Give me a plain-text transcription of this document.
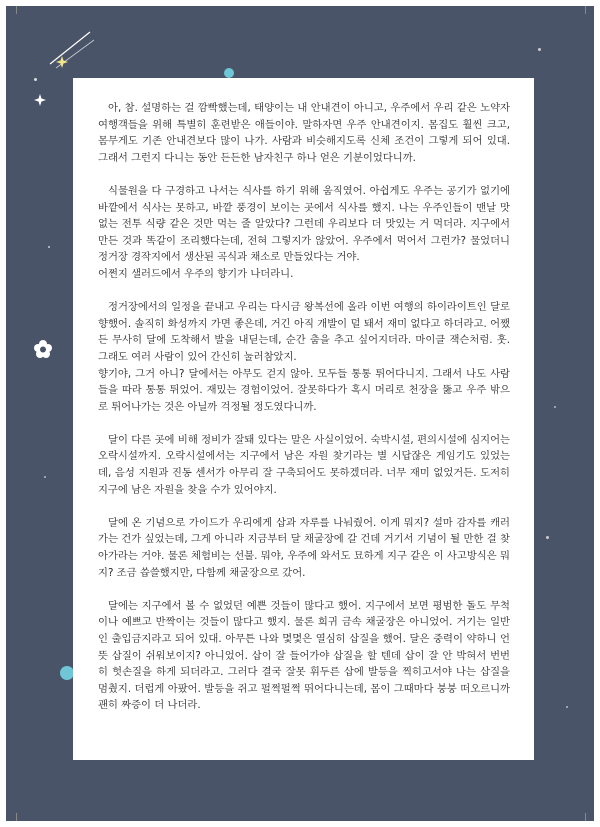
아, 참. 설명하는 걸 깜빡했는데, 태양이는 내 안내견이 아니고, 우주에서 우리 같은 노약자 여행객들을 위해 특별히 훈련받은 애들이야. 말하자면 우주 안내견이지. 몸집도 훨씬 크고, 몸무게도 기존 안내견보다 많이 나가. 사람과 비슷해지도록 신체 조건이 그렇게 되어 있대. 그래서 그런지 다니는 동안 든든한 남자친구 하나 얻은 기분이었다니까.

식물원을 다 구경하고 나서는 식사를 하기 위해 움직였어. 아쉽게도 우주는 공기가 없기에 바깥에서 식사는 못하고, 바깥 풍경이 보이는 곳에서 식사를 했지. 나는 우주인들이 맨날 맛없는 전투 식량 같은 것만 먹는 줄 알았다? 그런데 우리보다 더 맛있는 거 먹더라. 지구에서 만든 것과 똑같이 조리했다는데, 전혀 그렇지가 않았어. 우주에서 먹어서 그런가? 물었더니 정거장 경작지에서 생산된 곡식과 채소로 만들었다는 거야.
어쩐지 샐러드에서 우주의 향기가 나더라니.

정거장에서의 일정을 끝내고 우리는 다시금 왕복선에 올라 이번 여행의 하이라이트인 달로 향했어. 솔직히 화성까지 가면 좋은데, 거긴 아직 개발이 덜 돼서 재미 없다고 하더라고. 어쨌든 무사히 달에 도착해서 발을 내딛는데, 순간 춤을 추고 싶어지더라. 마이클 잭슨처럼. 훗. 그래도 여러 사람이 있어 간신히 눌러참았지.
향기야, 그거 아니? 달에서는 아무도 걷지 않아. 모두들 통통 튀어다니지. 그래서 나도 사람들을 따라 통통 튀었어. 재밌는 경험이었어. 잘못하다가 혹시 머리로 천장을 뚫고 우주 밖으로 튀어나가는 것은 아닐까 걱정될 정도였다니까.

달이 다른 곳에 비해 정비가 잘돼 있다는 말은 사실이었어. 숙박시설, 편의시설에 심지어는 오락시설까지. 오락시설에서는 지구에서 남은 자원 찾기라는 별 시답잖은 게임기도 있었는데, 음성 지원과 진동 센서가 아무리 잘 구축되어도 못하겠더라. 너무 재미 없었거든. 도저히 지구에 남은 자원을 찾을 수가 있어야지.

달에 온 기념으로 가이드가 우리에게 삽과 자루를 나눠줬어. 이게 뭐지? 설마 감자를 캐러 가는 건가 싶었는데, 그게 아니라 지금부터 달 채굴장에 갈 건데 거기서 기념이 될 만한 걸 찾아가라는 거야. 물론 체험비는 선불. 뭐야, 우주에 와서도 묘하게 지구 같은 이 사고방식은 뭐지? 조금 씁쓸했지만, 다함께 채굴장으로 갔어.

달에는 지구에서 볼 수 없었던 예쁜 것들이 많다고 했어. 지구에서 보면 평범한 돌도 무척이나 예쁘고 반짝이는 것들이 많다고 했지. 물론 희귀 금속 채굴장은 아니었어. 거기는 일반인 출입금지라고 되어 있대. 아무튼 나와 몇몇은 열심히 삽질을 했어. 달은 중력이 약하니 언뜻 삽질이 쉬워보이지? 아니었어. 삽이 잘 들어가야 삽질을 할 텐데 삽이 잘 안 박혀서 번번히 헛손질을 하게 되더라고. 그러다 결국 잘못 휘두른 삽에 발등을 찍히고서야 나는 삽질을 멈췄지. 더럽게 아팠어. 발등을 쥐고 펄쩍펄쩍 뛰어다니는데, 몸이 그때마다 붕붕 떠오르니까 괜히 짜증이 더 나더라.
